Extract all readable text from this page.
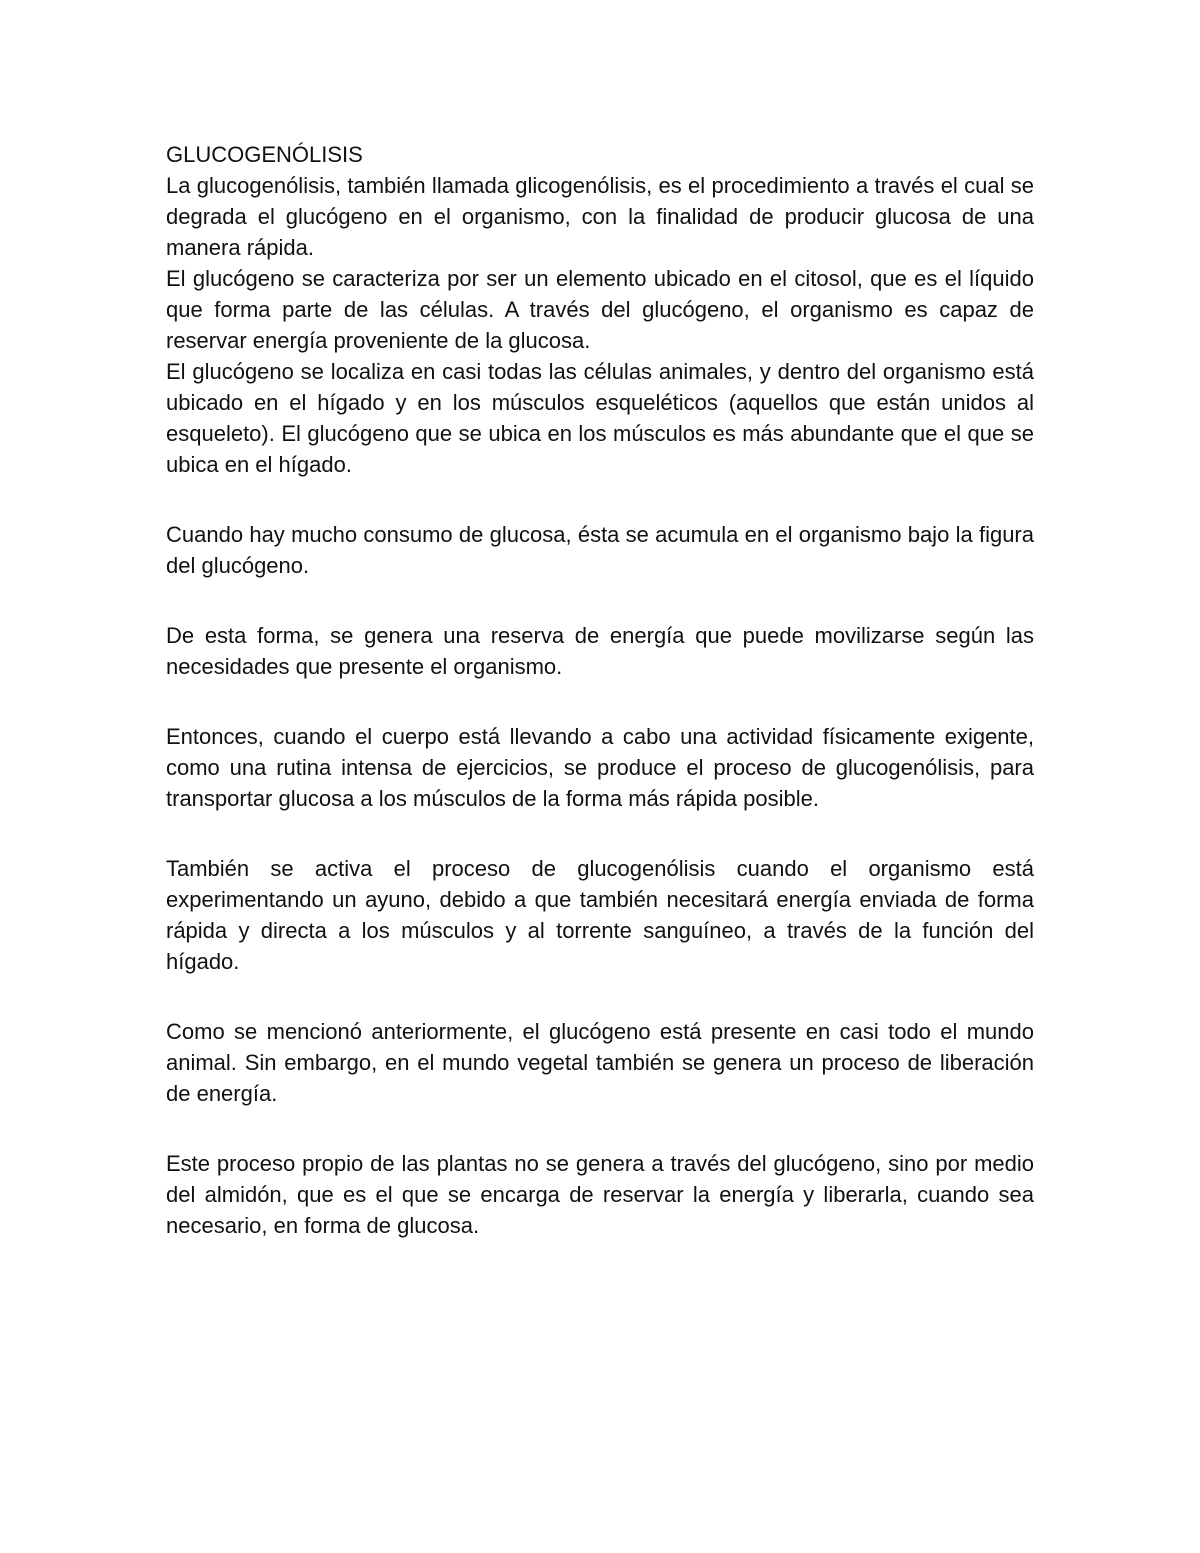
GLUCOGENÓLISIS

La glucogenólisis, también llamada glicogenólisis, es el procedimiento a través el cual se degrada el glucógeno en el organismo, con la finalidad de producir glucosa de una manera rápida.

El glucógeno se caracteriza por ser un elemento ubicado en el citosol, que es el líquido que forma parte de las células. A través del glucógeno, el organismo es capaz de reservar energía proveniente de la glucosa.

El glucógeno se localiza en casi todas las células animales, y dentro del organismo está ubicado en el hígado y en los músculos esqueléticos (aquellos que están unidos al esqueleto). El glucógeno que se ubica en los músculos es más abundante que el que se ubica en el hígado.

Cuando hay mucho consumo de glucosa, ésta se acumula en el organismo bajo la figura del glucógeno.

De esta forma, se genera una reserva de energía que puede movilizarse según las necesidades que presente el organismo.

Entonces, cuando el cuerpo está llevando a cabo una actividad físicamente exigente, como una rutina intensa de ejercicios, se produce el proceso de glucogenólisis, para transportar glucosa a los músculos de la forma más rápida posible.

También se activa el proceso de glucogenólisis cuando el organismo está experimentando un ayuno, debido a que también necesitará energía enviada de forma rápida y directa a los músculos y al torrente sanguíneo, a través de la función del hígado.

Como se mencionó anteriormente, el glucógeno está presente en casi todo el mundo animal. Sin embargo, en el mundo vegetal también se genera un proceso de liberación de energía.

Este proceso propio de las plantas no se genera a través del glucógeno, sino por medio del almidón, que es el que se encarga de reservar la energía y liberarla, cuando sea necesario, en forma de glucosa.
